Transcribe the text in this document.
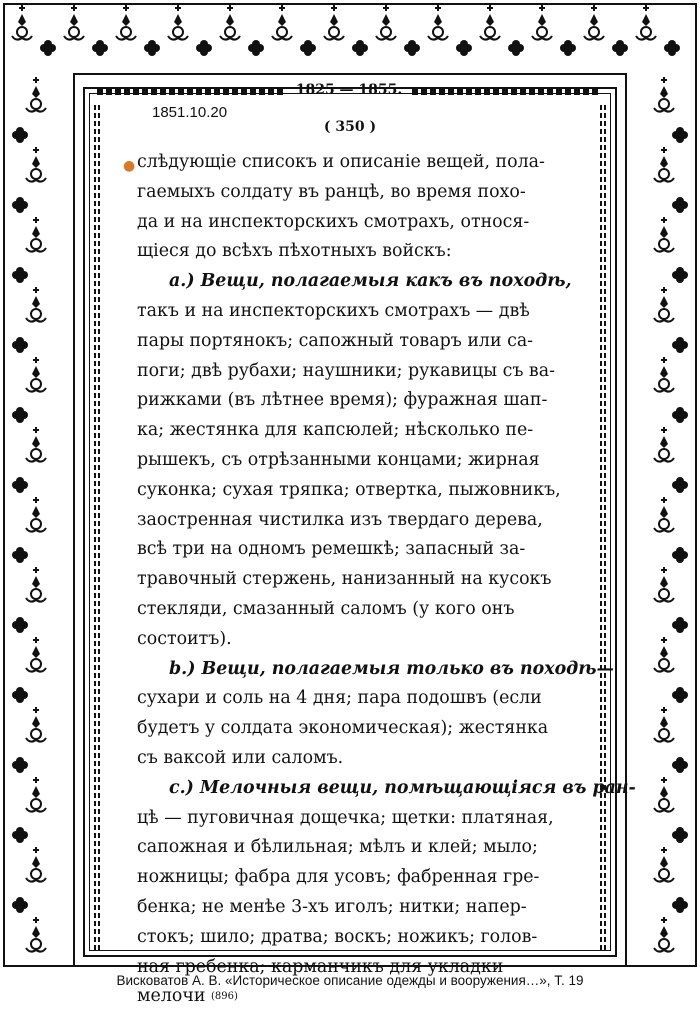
1825 — 1855.
1851.10.20
( 350 )
● слѣдующіе списокъ и описаніе вещей, пола-
гаемыхъ солдату въ ранцѣ, во время похо-
да и на инспекторскихъ смотрахъ, относя-
щіеся до всѣхъ пѣхотныхъ войскъ:
а.) Вещи, полагаемыя какъ въ походѣ,
такъ и на инспекторскихъ смотрахъ — двѣ
пары портянокъ; сапожный товаръ или са-
поги; двѣ рубахи; наушники; рукавицы съ ва-
рижками (въ лѣтнее время); фуражная шап-
ка; жестянка для капсюлей; нѣсколько пе-
рышекъ, съ отрѣзанными концами; жирная
суконка; сухая тряпка; отвертка, пыжовникъ,
заостренная чистилка изъ твердаго дерева,
всѣ три на одномъ ремешкѣ; запасный за-
травочный стержень, нанизанный на кусокъ
стекляди, смазанный саломъ (у кого онъ
состоитъ).
b.) Вещи, полагаемыя только въ походѣ—
сухари и соль на 4 дня; пара подошвъ (если
будетъ у солдата экономическая); жестянка
съ ваксой или саломъ.
с.) Мелочныя вещи, помѣщающіяся въ ран-
цѣ — пуговичная дощечка; щетки: платяная,
сапожная и бѣлильная; мѣлъ и клей; мыло;
ножницы; фабра для усовъ; фабренная гре-
бенка; не менѣе 3-хъ иголъ; нитки; напер-
стокъ; шило; дратва; воскъ; ножикъ; голов-
ная гребенка; карманчикъ для укладки
мелочи
(896)
Висковатов А. В. «Историческое описание одежды и вооружения…», Т. 19
